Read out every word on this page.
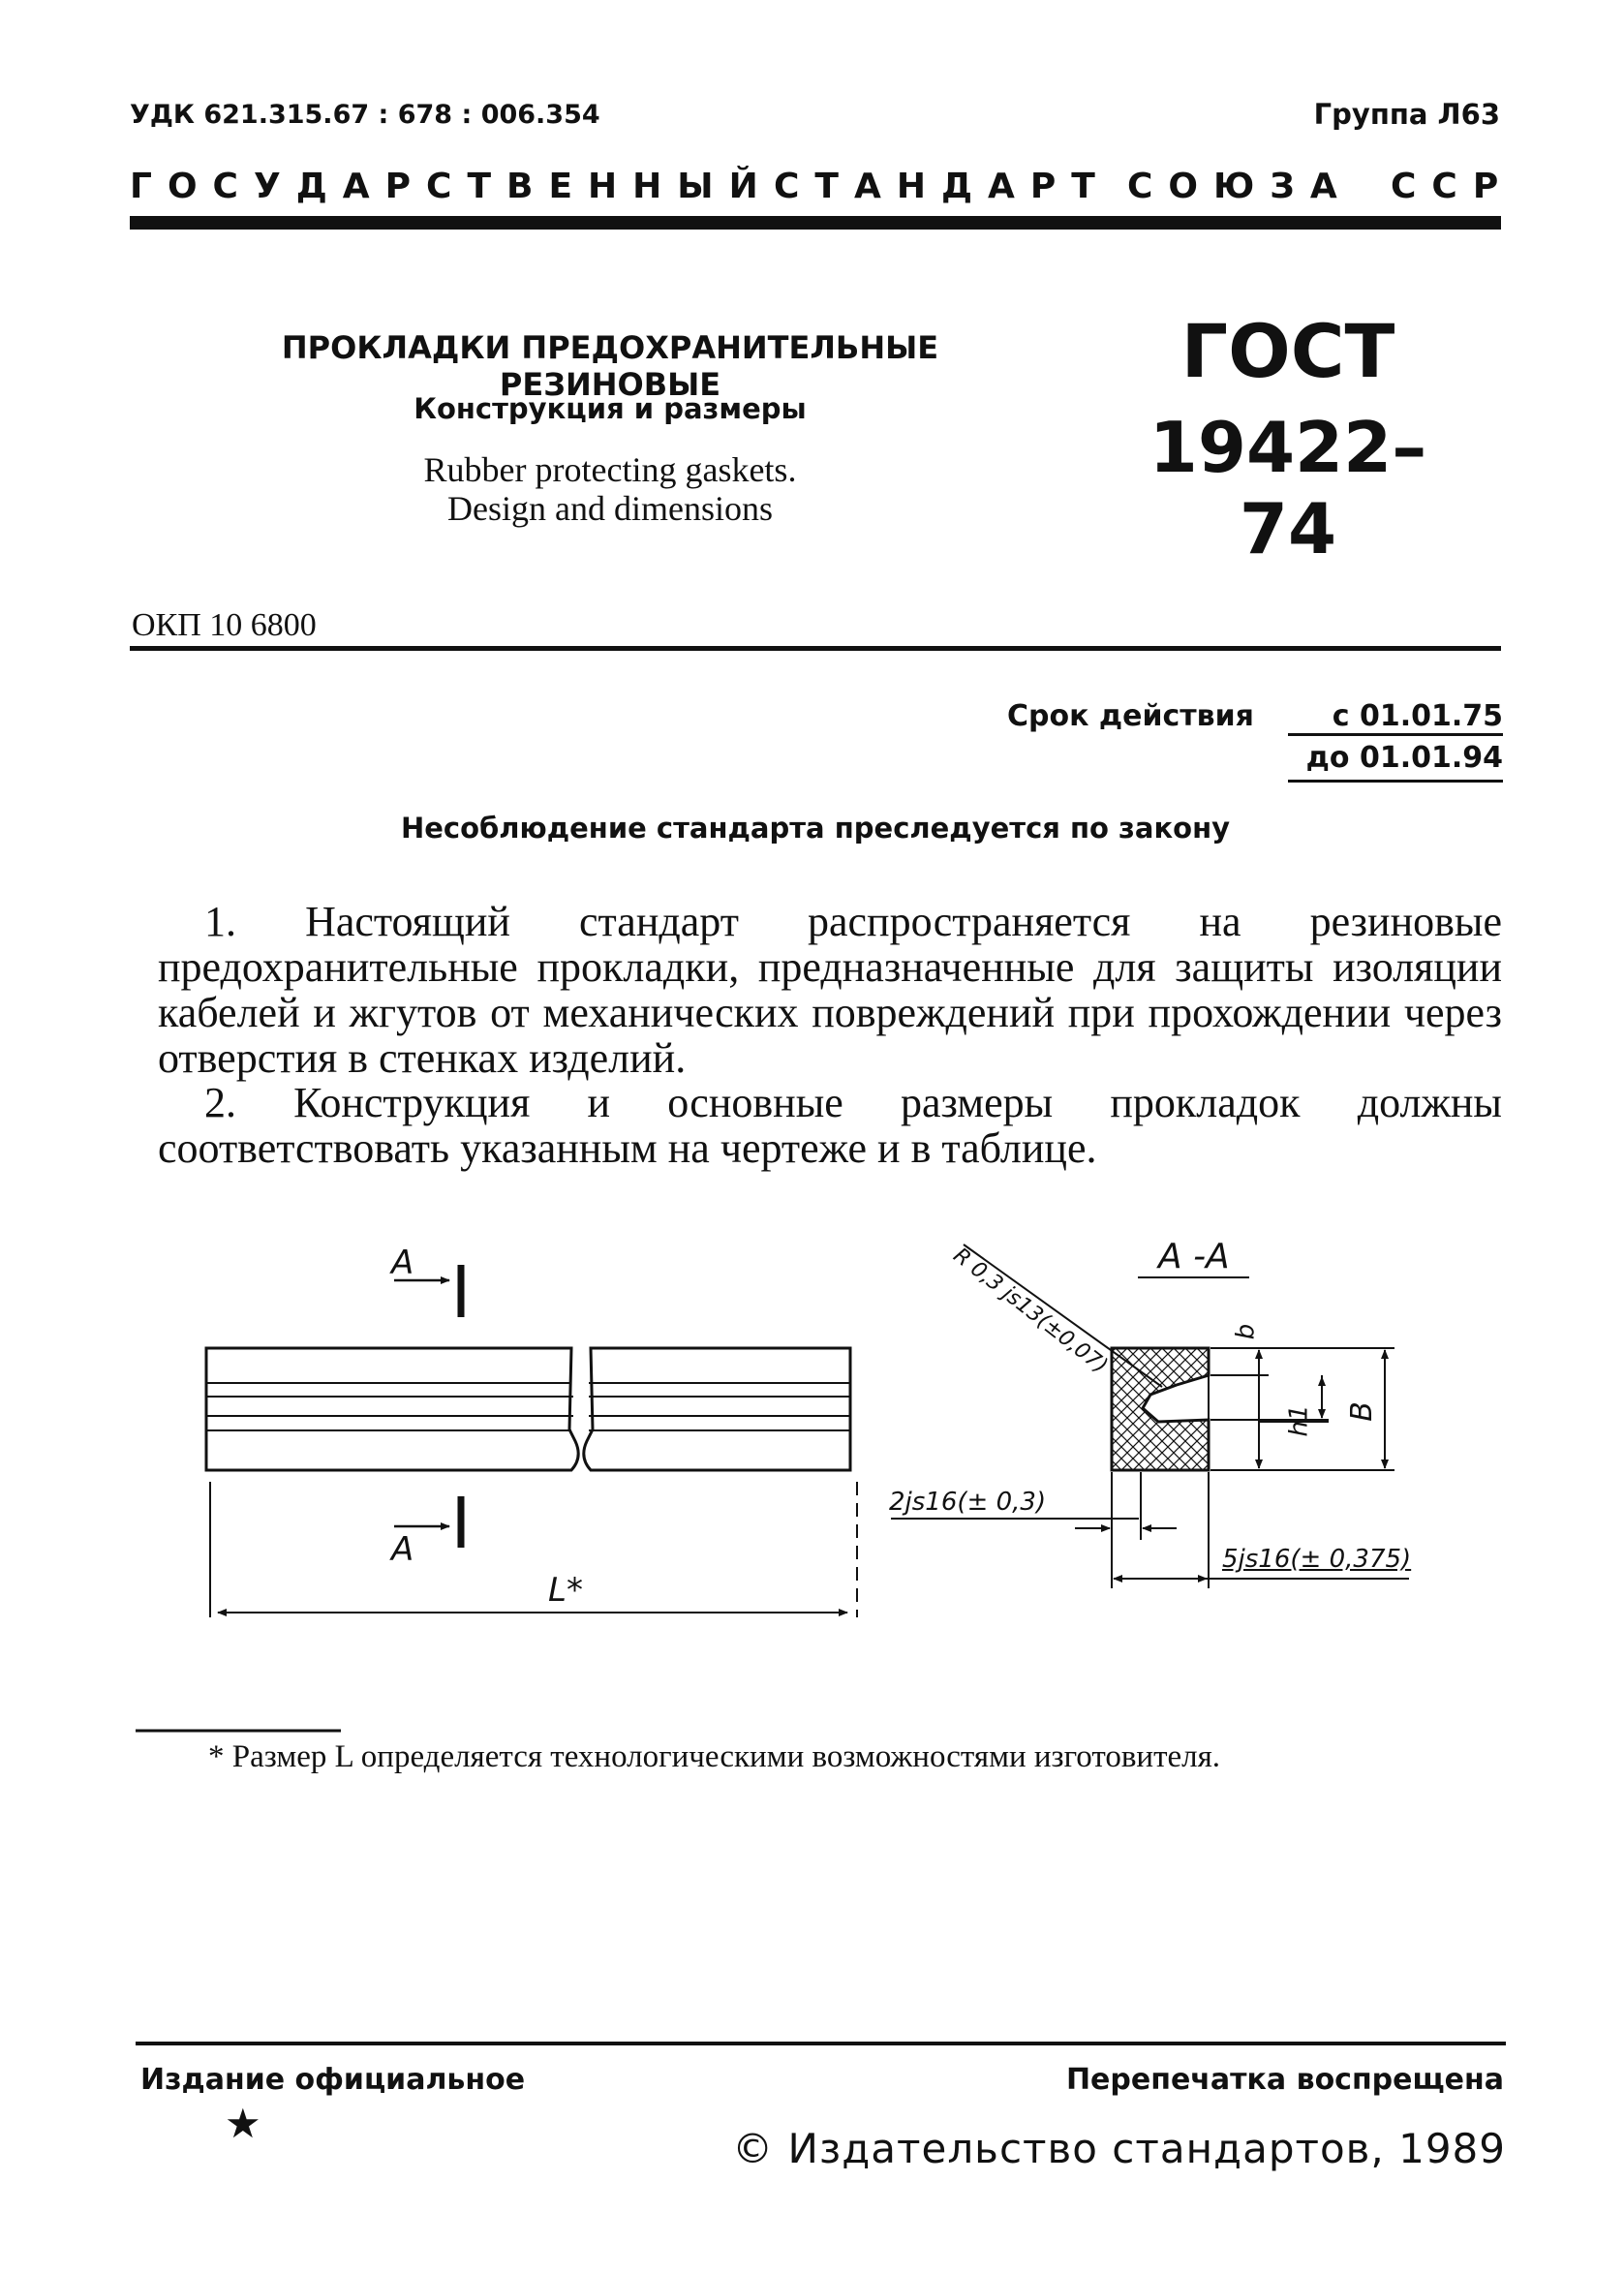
УДК 621.315.67 : 678 : 006.354	Группа Л63
ГОСУДАРСТВЕННЫЙ СТАНДАРТ СОЮЗА ССР
ПРОКЛАДКИ ПРЕДОХРАНИТЕЛЬНЫЕ РЕЗИНОВЫЕ
Конструкция и размеры
Rubber protecting gaskets.
Design and dimensions
ГОСТ
19422–74
ОКП 10 6800
Срок действия	с 01.01.75
до 01.01.94
Несоблюдение стандарта преследуется по закону
1. Настоящий стандарт распространяется на резиновые предохранительные прокладки, предназначенные для защиты изоляции кабелей и жгутов от механических повреждений при прохождении через отверстия в стенках изделий.
2. Конструкция и основные размеры прокладок должны соответствовать указанным на чертеже и в таблице.
А
А
L*
А -А
R 0,3 js13(±0,07)	b
h1 B
2js16(± 0,3)
5js16(± 0,375)
* Размер L определяется технологическими возможностями изготовителя.
Издание официальное
★
Перепечатка воспрещена
© Издательство стандартов, 1989
